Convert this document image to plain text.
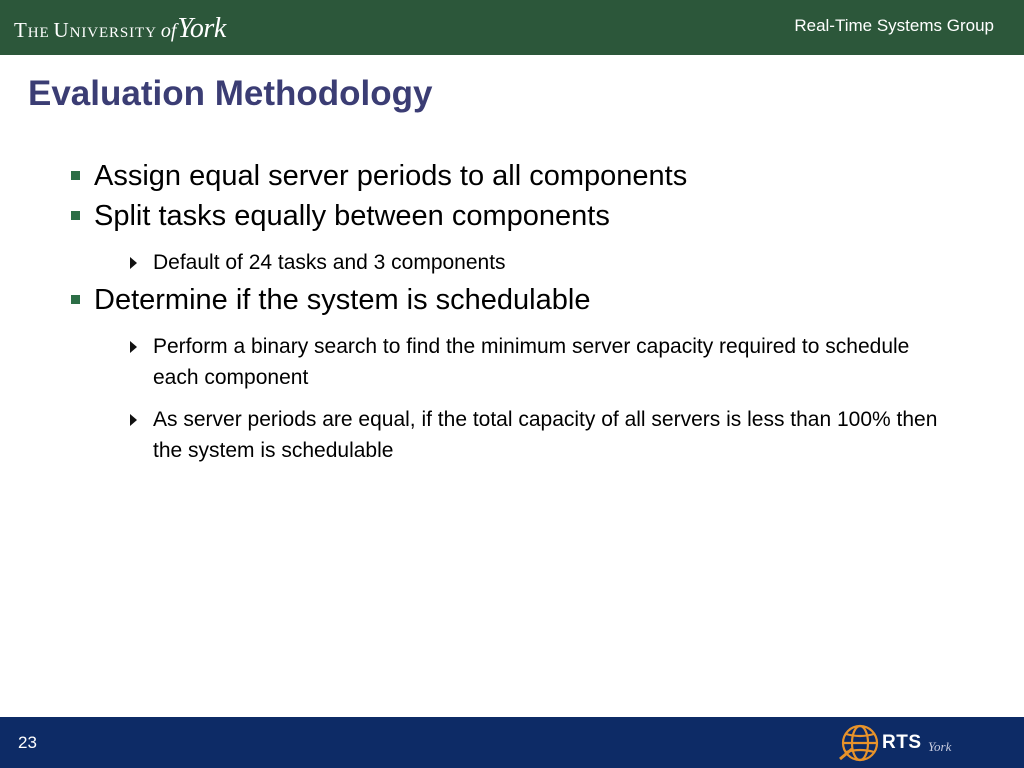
The University ofYork	Real-Time Systems Group
Evaluation Methodology
Assign equal server periods to all components
Split tasks equally between components
Default of 24 tasks and 3 components
Determine if the system is schedulable
Perform a binary search to find the minimum server capacity required to schedule each component
As server periods are equal, if the total capacity of all servers is less than 100% then the system is schedulable
23	RTS York
